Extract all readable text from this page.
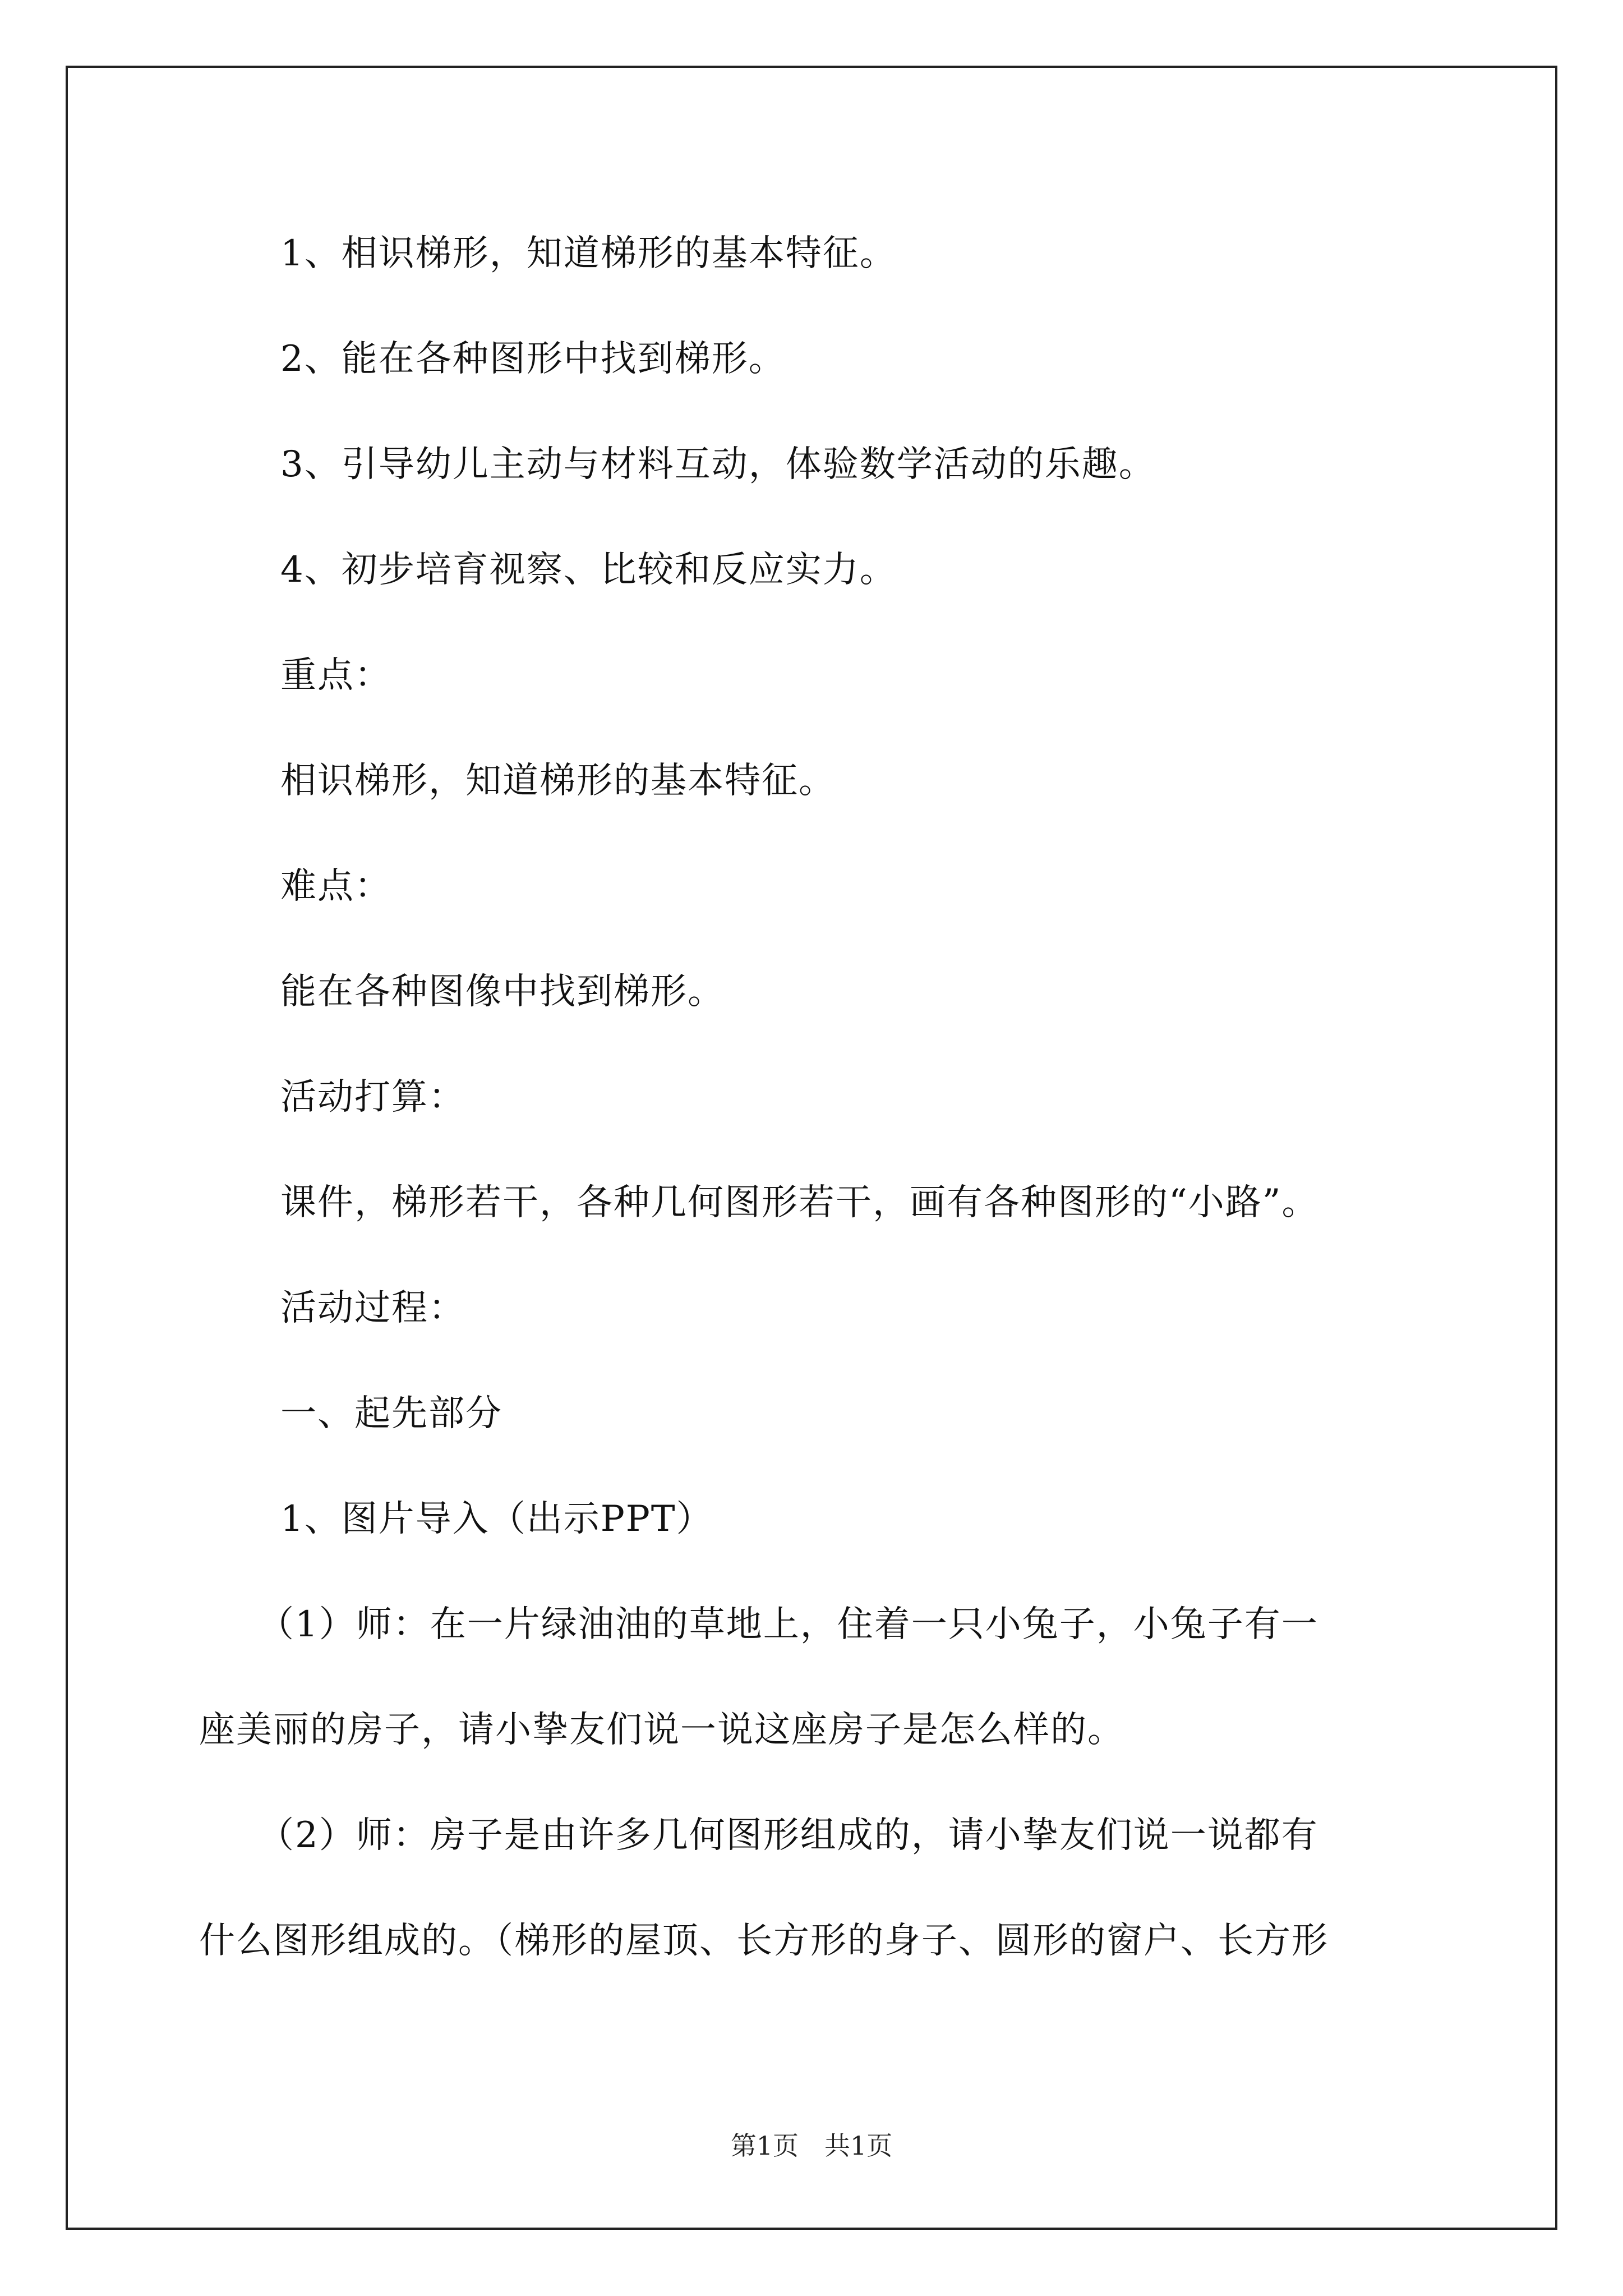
1、相识梯形，知道梯形的基本特征。
2、能在各种图形中找到梯形。
3、引导幼儿主动与材料互动，体验数学活动的乐趣。
4、初步培育视察、比较和反应实力。
重点：
相识梯形，知道梯形的基本特征。
难点：
能在各种图像中找到梯形。
活动打算：
课件，梯形若干，各种几何图形若干，画有各种图形的“小路”。
活动过程：
一、起先部分
1、图片导入（出示PPT）
（1）师：在一片绿油油的草地上，住着一只小兔子，小兔子有一
座美丽的房子，请小挚友们说一说这座房子是怎么样的。
（2）师：房子是由许多几何图形组成的，请小挚友们说一说都有
什么图形组成的。（梯形的屋顶、长方形的身子、圆形的窗户、长方形
第1页　共1页
